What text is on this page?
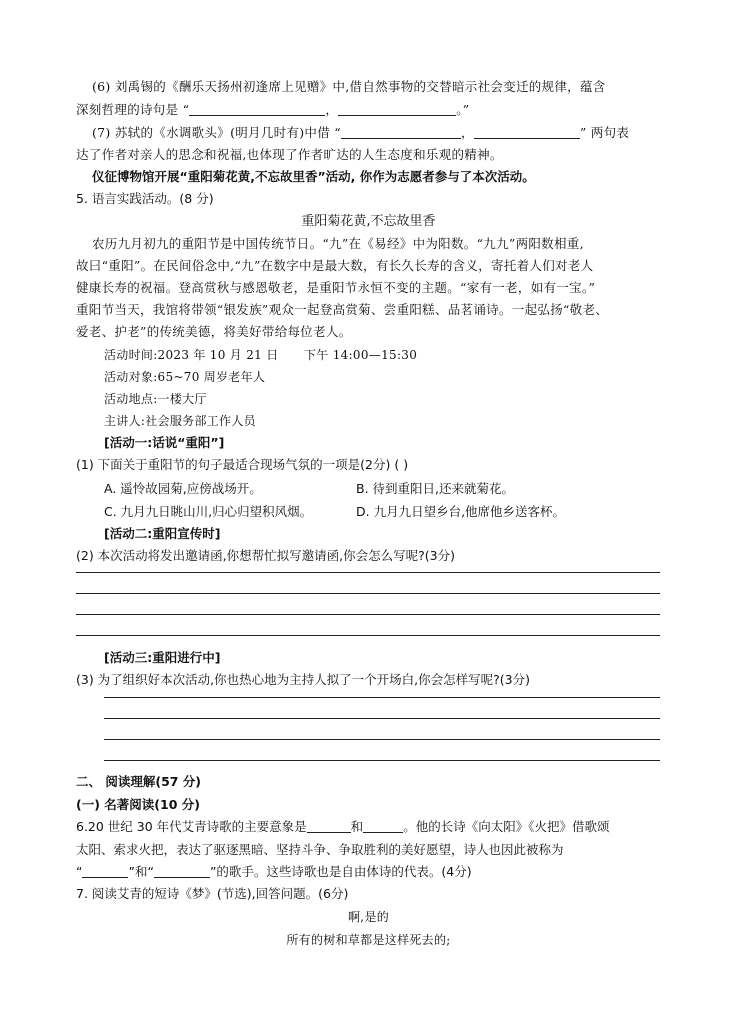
(6) 刘禹锡的《酬乐天扬州初逢席上见赠》中,借自然事物的交替暗示社会变迁的规律，蕴含
深刻哲理的诗句是 “	，	。”
(7) 苏轼的《水调歌头》(明月几时有)中借 “	，	” 两句表
达了作者对亲人的思念和祝福,也体现了作者旷达的人生态度和乐观的精神。
仪征博物馆开展“重阳菊花黄,不忘故里香”活动, 你作为志愿者参与了本次活动。
5. 语言实践活动。(8 分)
重阳菊花黄,不忘故里香
农历九月初九的重阳节是中国传统节日。“九”在《易经》中为阳数。“九九”两阳数相重,
故曰“重阳”。在民间俗念中,“九”在数字中是最大数，有长久长寿的含义，寄托着人们对老人
健康长寿的祝福。登高赏秋与感恩敬老，是重阳节永恒不变的主题。“家有一老，如有一宝。”
重阳节当天，我馆将带领“银发族”观众一起登高赏菊、尝重阳糕、品茗诵诗。一起弘扬“敬老、
爱老、护老”的传统美德，将美好带给每位老人。
活动时间:2023 年 10 月 21 日 下午 14:00—15:30
活动对象:65~70 周岁老年人
活动地点:一楼大厅
主讲人:社会服务部工作人员
[活动一:话说“重阳”]
(1) 下面关于重阳节的句子最适合现场气氛的一项是(2分) ( )
A. 遥怜故园菊,应傍战场开。	B. 待到重阳日,还来就菊花。
C. 九月九日眺山川,归心归望积风烟。	D. 九月九日望乡台,他席他乡送客杯。
[活动二:重阳宣传时]
(2) 本次活动将发出邀请函,你想帮忙拟写邀请函,你会怎么写呢?(3分)
[活动三:重阳进行中]
(3) 为了组织好本次活动,你也热心地为主持人拟了一个开场白,你会怎样写呢?(3分)
二、 阅读理解(57 分)
(一) 名著阅读(10 分)
6.20 世纪 30 年代艾青诗歌的主要意象是	和	。他的长诗《向太阳》《火把》借歌颂
太阳、索求火把，表达了驱逐黑暗、坚持斗争、争取胜利的美好愿望，诗人也因此被称为
“	”和“	”的歌手。这些诗歌也是自由体诗的代表。(4分)
7. 阅读艾青的短诗《梦》(节选),回答问题。(6分)
啊,是的
所有的树和草都是这样死去的;
